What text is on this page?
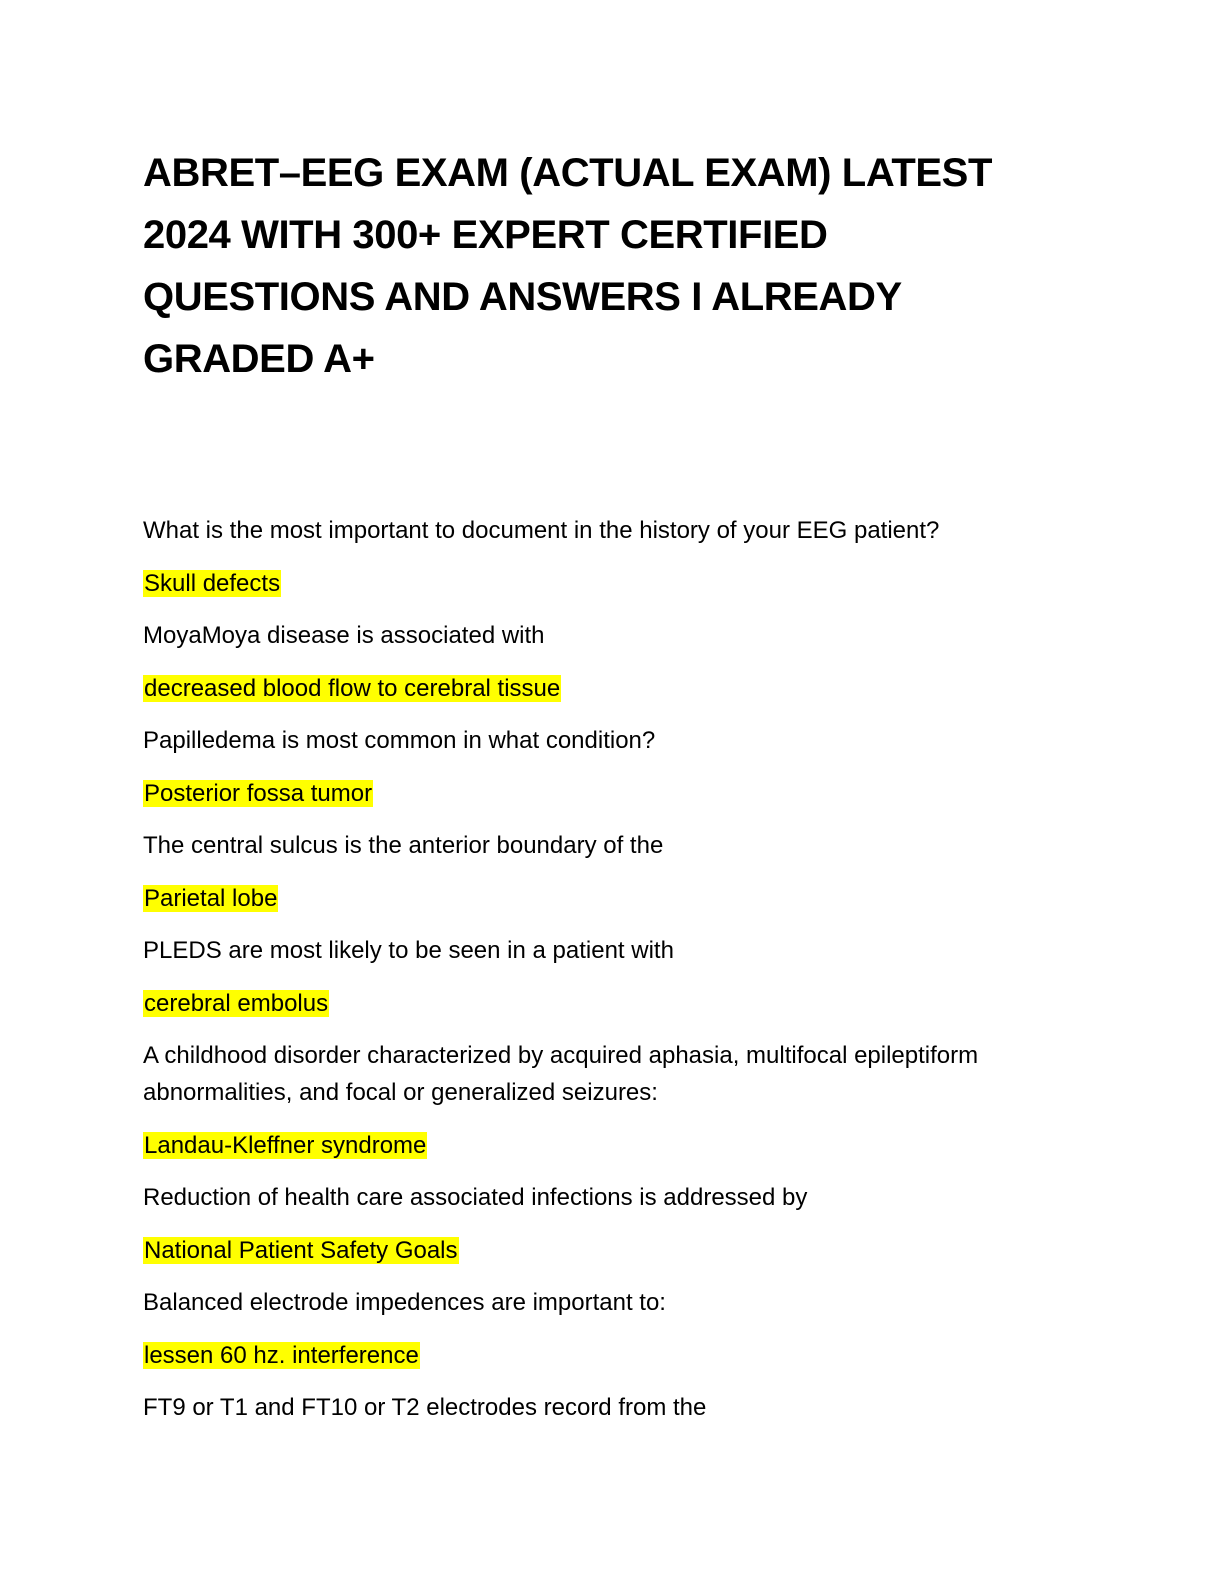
ABRET–EEG EXAM (ACTUAL EXAM) LATEST 2024 WITH 300+ EXPERT CERTIFIED QUESTIONS AND ANSWERS I ALREADY GRADED A+

What is the most important to document in the history of your EEG patient?

Skull defects

MoyaMoya disease is associated with

decreased blood flow to cerebral tissue

Papilledema is most common in what condition?

Posterior fossa tumor

The central sulcus is the anterior boundary of the

Parietal lobe

PLEDS are most likely to be seen in a patient with

cerebral embolus

A childhood disorder characterized by acquired aphasia, multifocal epileptiform abnormalities, and focal or generalized seizures:

Landau-Kleffner syndrome

Reduction of health care associated infections is addressed by

National Patient Safety Goals

Balanced electrode impedences are important to:

lessen 60 hz. interference

FT9 or T1 and FT10 or T2 electrodes record from the
